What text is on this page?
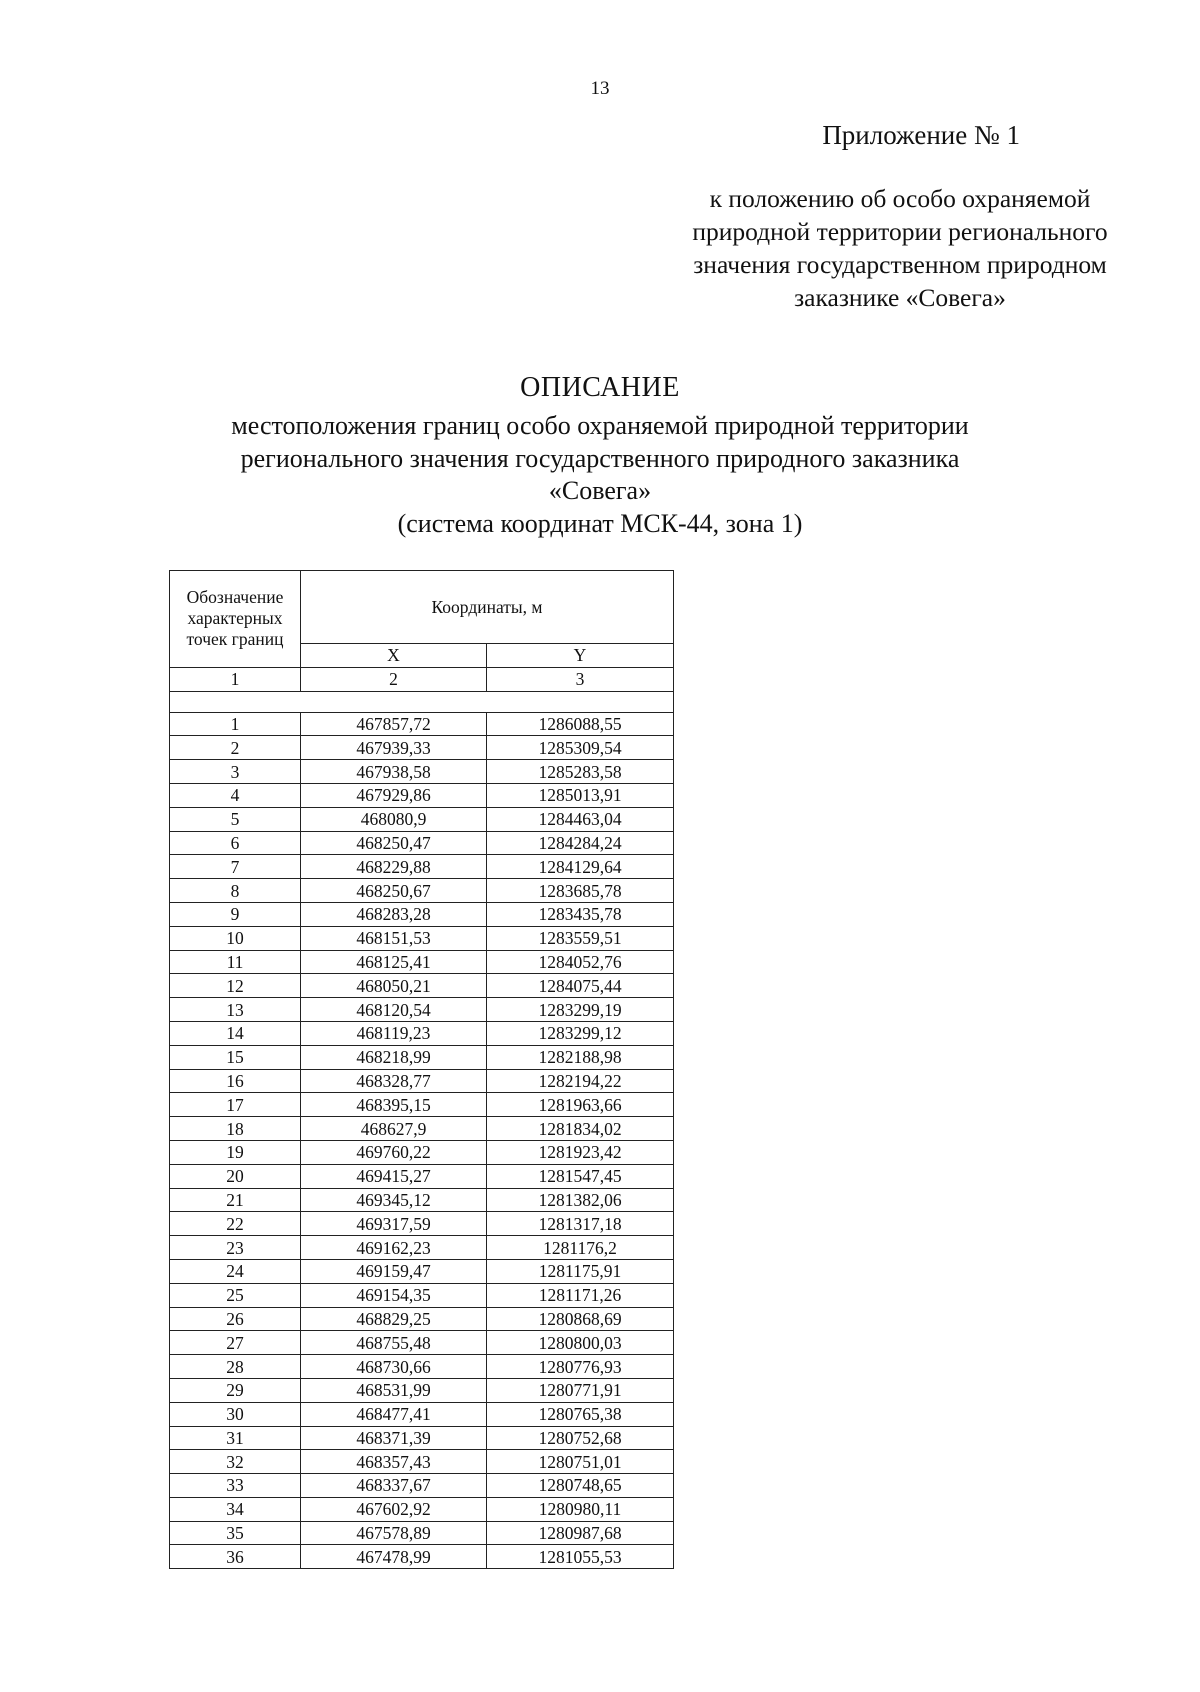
13
Приложение № 1
к положению об особо охраняемой
природной территории регионального
значения государственном природном
заказнике «Совега»
ОПИСАНИЕ
местоположения границ особо охраняемой природной территории
регионального значения государственного природного заказника
«Совега»
(система координат МСК-44, зона 1)
Обозначение характерных точек границ	Координаты, м	
	X	Y
1	2	3

1	467857,72	1286088,55
2	467939,33	1285309,54
3	467938,58	1285283,58
4	467929,86	1285013,91
5	468080,9	1284463,04
6	468250,47	1284284,24
7	468229,88	1284129,64
8	468250,67	1283685,78
9	468283,28	1283435,78
10	468151,53	1283559,51
11	468125,41	1284052,76
12	468050,21	1284075,44
13	468120,54	1283299,19
14	468119,23	1283299,12
15	468218,99	1282188,98
16	468328,77	1282194,22
17	468395,15	1281963,66
18	468627,9	1281834,02
19	469760,22	1281923,42
20	469415,27	1281547,45
21	469345,12	1281382,06
22	469317,59	1281317,18
23	469162,23	1281176,2
24	469159,47	1281175,91
25	469154,35	1281171,26
26	468829,25	1280868,69
27	468755,48	1280800,03
28	468730,66	1280776,93
29	468531,99	1280771,91
30	468477,41	1280765,38
31	468371,39	1280752,68
32	468357,43	1280751,01
33	468337,67	1280748,65
34	467602,92	1280980,11
35	467578,89	1280987,68
36	467478,99	1281055,53
